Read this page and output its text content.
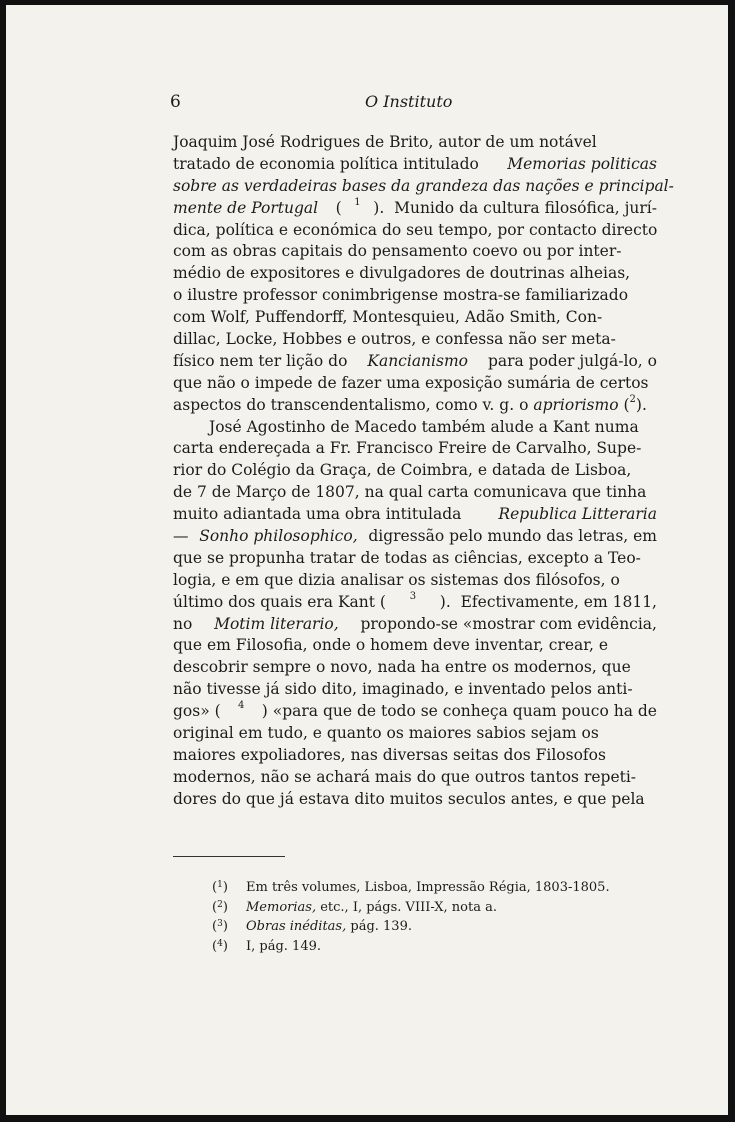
6	O Instituto
Joaquim José Rodrigues de Brito, autor de um notável
tratado de economia política intitulado Memorias politicas
sobre as verdadeiras bases da grandeza das nações e principal-
mente de Portugal ( 1 ).  Munido da cultura filosófica, jurí-
dica, política e económica do seu tempo, por contacto directo
com as obras capitais do pensamento coevo ou por inter-
médio de expositores e divulgadores de doutrinas alheias,
o ilustre professor conimbrigense mostra-se familiarizado
com Wolf, Puffendorff, Montesquieu, Adão Smith, Con-
dillac, Locke, Hobbes e outros, e confessa não ser meta-
físico nem ter lição do Kancianismo para poder julgá-lo, o
que não o impede de fazer uma exposição sumária de certos
aspectos do transcendentalismo, como v. g. o apriorismo ( 2 ).
José Agostinho de Macedo também alude a Kant numa
carta endereçada a Fr. Francisco Freire de Carvalho, Supe-
rior do Colégio da Graça, de Coimbra, e datada de Lisboa,
de 7 de Março de 1807, na qual carta comunicava que tinha
muito adiantada uma obra intitulada Republica Litteraria
— Sonho philosophico, digressão pelo mundo das letras, em
que se propunha tratar de todas as ciências, excepto a Teo-
logia, e em que dizia analisar os sistemas dos filósofos, o
último dos quais era Kant ( 3 ).  Efectivamente, em 1811,
no Motim literario, propondo-se «mostrar com evidência,
que em Filosofia, onde o homem deve inventar, crear, e
descobrir sempre o novo, nada ha entre os modernos, que
não tivesse já sido dito, imaginado, e inventado pelos anti-
gos» ( 4 ) «para que de todo se conheça quam pouco ha de
original em tudo, e quanto os maiores sabios sejam os
maiores expoliadores, nas diversas seitas dos Filosofos
modernos, não se achará mais do que outros tantos repeti-
dores do que já estava dito muitos seculos antes, e que pela
($^1$)	Em três volumes, Lisboa, Impressão Régia, 1803-1805.
($^2$)	Memorias, etc., I, págs. VIII-X, nota a.
($^3$)	Obras inéditas, pág. 139.
($^4$)	I, pág. 149.
